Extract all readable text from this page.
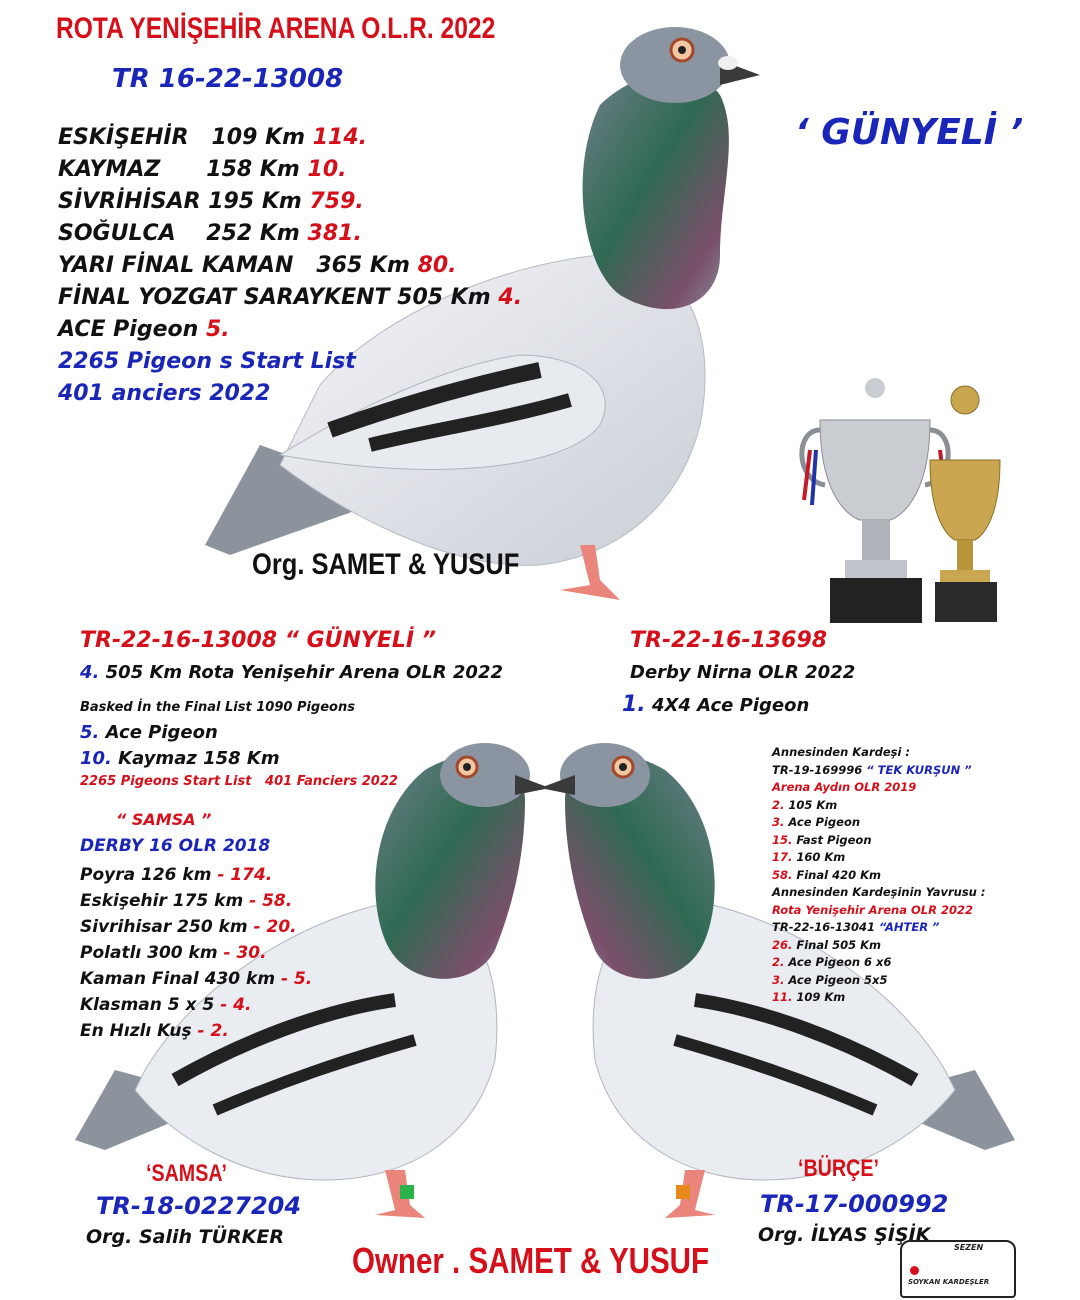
ROTA YENİŞEHİR ARENA O.L.R. 2022
TR 16-22-13008
‘ GÜNYELİ ’
ESKİŞEHİR   109 Km 114.
KAYMAZ      158 Km 10.
SİVRİHİSAR 195 Km 759.
SOĞULCA    252 Km 381.
YARI FİNAL KAMAN   365 Km 80.
FİNAL YOZGAT SARAYKENT 505 Km 4.
ACE Pigeon 5.
2265 Pigeon s Start List
401 anciers 2022
Org. SAMET & YUSUF
TR-22-16-13008 “ GÜNYELİ ”
4. 505 Km Rota Yenişehir Arena OLR 2022
Basked İn the Final List 1090 Pigeons
5. Ace Pigeon
10. Kaymaz 158 Km
2265 Pigeons Start List   401 Fanciers 2022
TR-22-16-13698
Derby Nirna OLR 2022
1. 4X4 Ace Pigeon
“ SAMSA ”
DERBY 16 OLR 2018
Poyra 126 km - 174.
Eskişehir 175 km - 58.
Sivrihisar 250 km - 20.
Polatlı 300 km - 30.
Kaman Final 430 km - 5.
Klasman 5 x 5 - 4.
En Hızlı Kuş - 2.
Annesinden Kardeşi :
TR-19-169996 “ TEK KURŞUN ”
Arena Aydın OLR 2019
2. 105 Km
3. Ace Pigeon
15. Fast Pigeon
17. 160 Km
58. Final 420 Km
Annesinden Kardeşinin Yavrusu :
Rota Yenişehir Arena OLR 2022
TR-22-16-13041 “AHTER ”
26. Final 505 Km
2. Ace Pigeon 6 x6
3. Ace Pigeon 5x5
11. 109 Km
‘SAMSA’
TR-18-0227204
Org. Salih TÜRKER
‘BÜRÇE’
TR-17-000992
Org. İLYAS ŞİŞİK
Owner . SAMET & YUSUF	SEZEN
SOYKAN KARDEŞLER
